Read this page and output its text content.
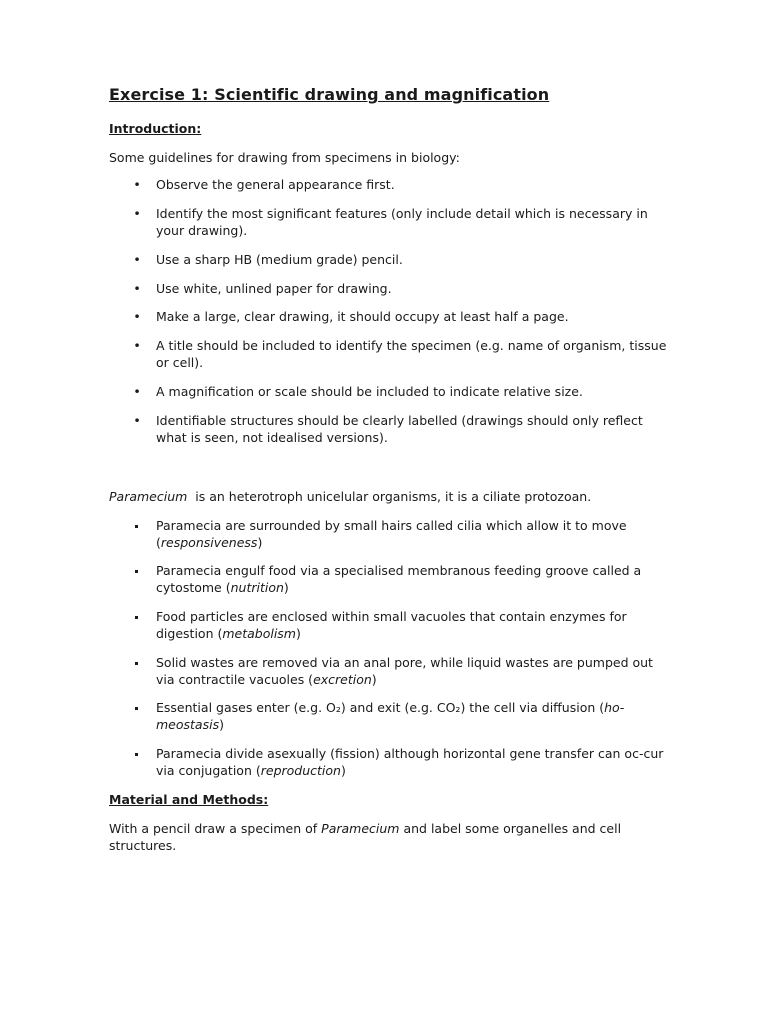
Exercise 1: Scientific drawing and magnification
Introduction:
Some guidelines for drawing from specimens in biology:
• Observe the general appearance first.
• Identify the most significant features (only include detail which is necessary in your drawing).
• Use a sharp HB (medium grade) pencil.
• Use white, unlined paper for drawing.
• Make a large, clear drawing, it should occupy at least half a page.
• A title should be included to identify the specimen (e.g. name of organism, tissue or cell).
• A magnification or scale should be included to indicate relative size.
• Identifiable structures should be clearly labelled (drawings should only reflect what is seen, not idealised versions).
Paramecium is an heterotroph unicelular organisms, it is a ciliate protozoan.
Paramecia are surrounded by small hairs called cilia which allow it to move (responsiveness)
Paramecia engulf food via a specialised membranous feeding groove called a cytostome (nutrition)
Food particles are enclosed within small vacuoles that contain enzymes for digestion (metabolism)
Solid wastes are removed via an anal pore, while liquid wastes are pumped out via contractile vacuoles (excretion)
Essential gases enter (e.g. O₂) and exit (e.g. CO₂) the cell via diffusion (ho-meostasis)
Paramecia divide asexually (fission) although horizontal gene transfer can oc-cur via conjugation (reproduction)
Material and Methods:
With a pencil draw a specimen of Paramecium and label some organelles and cell structures.
